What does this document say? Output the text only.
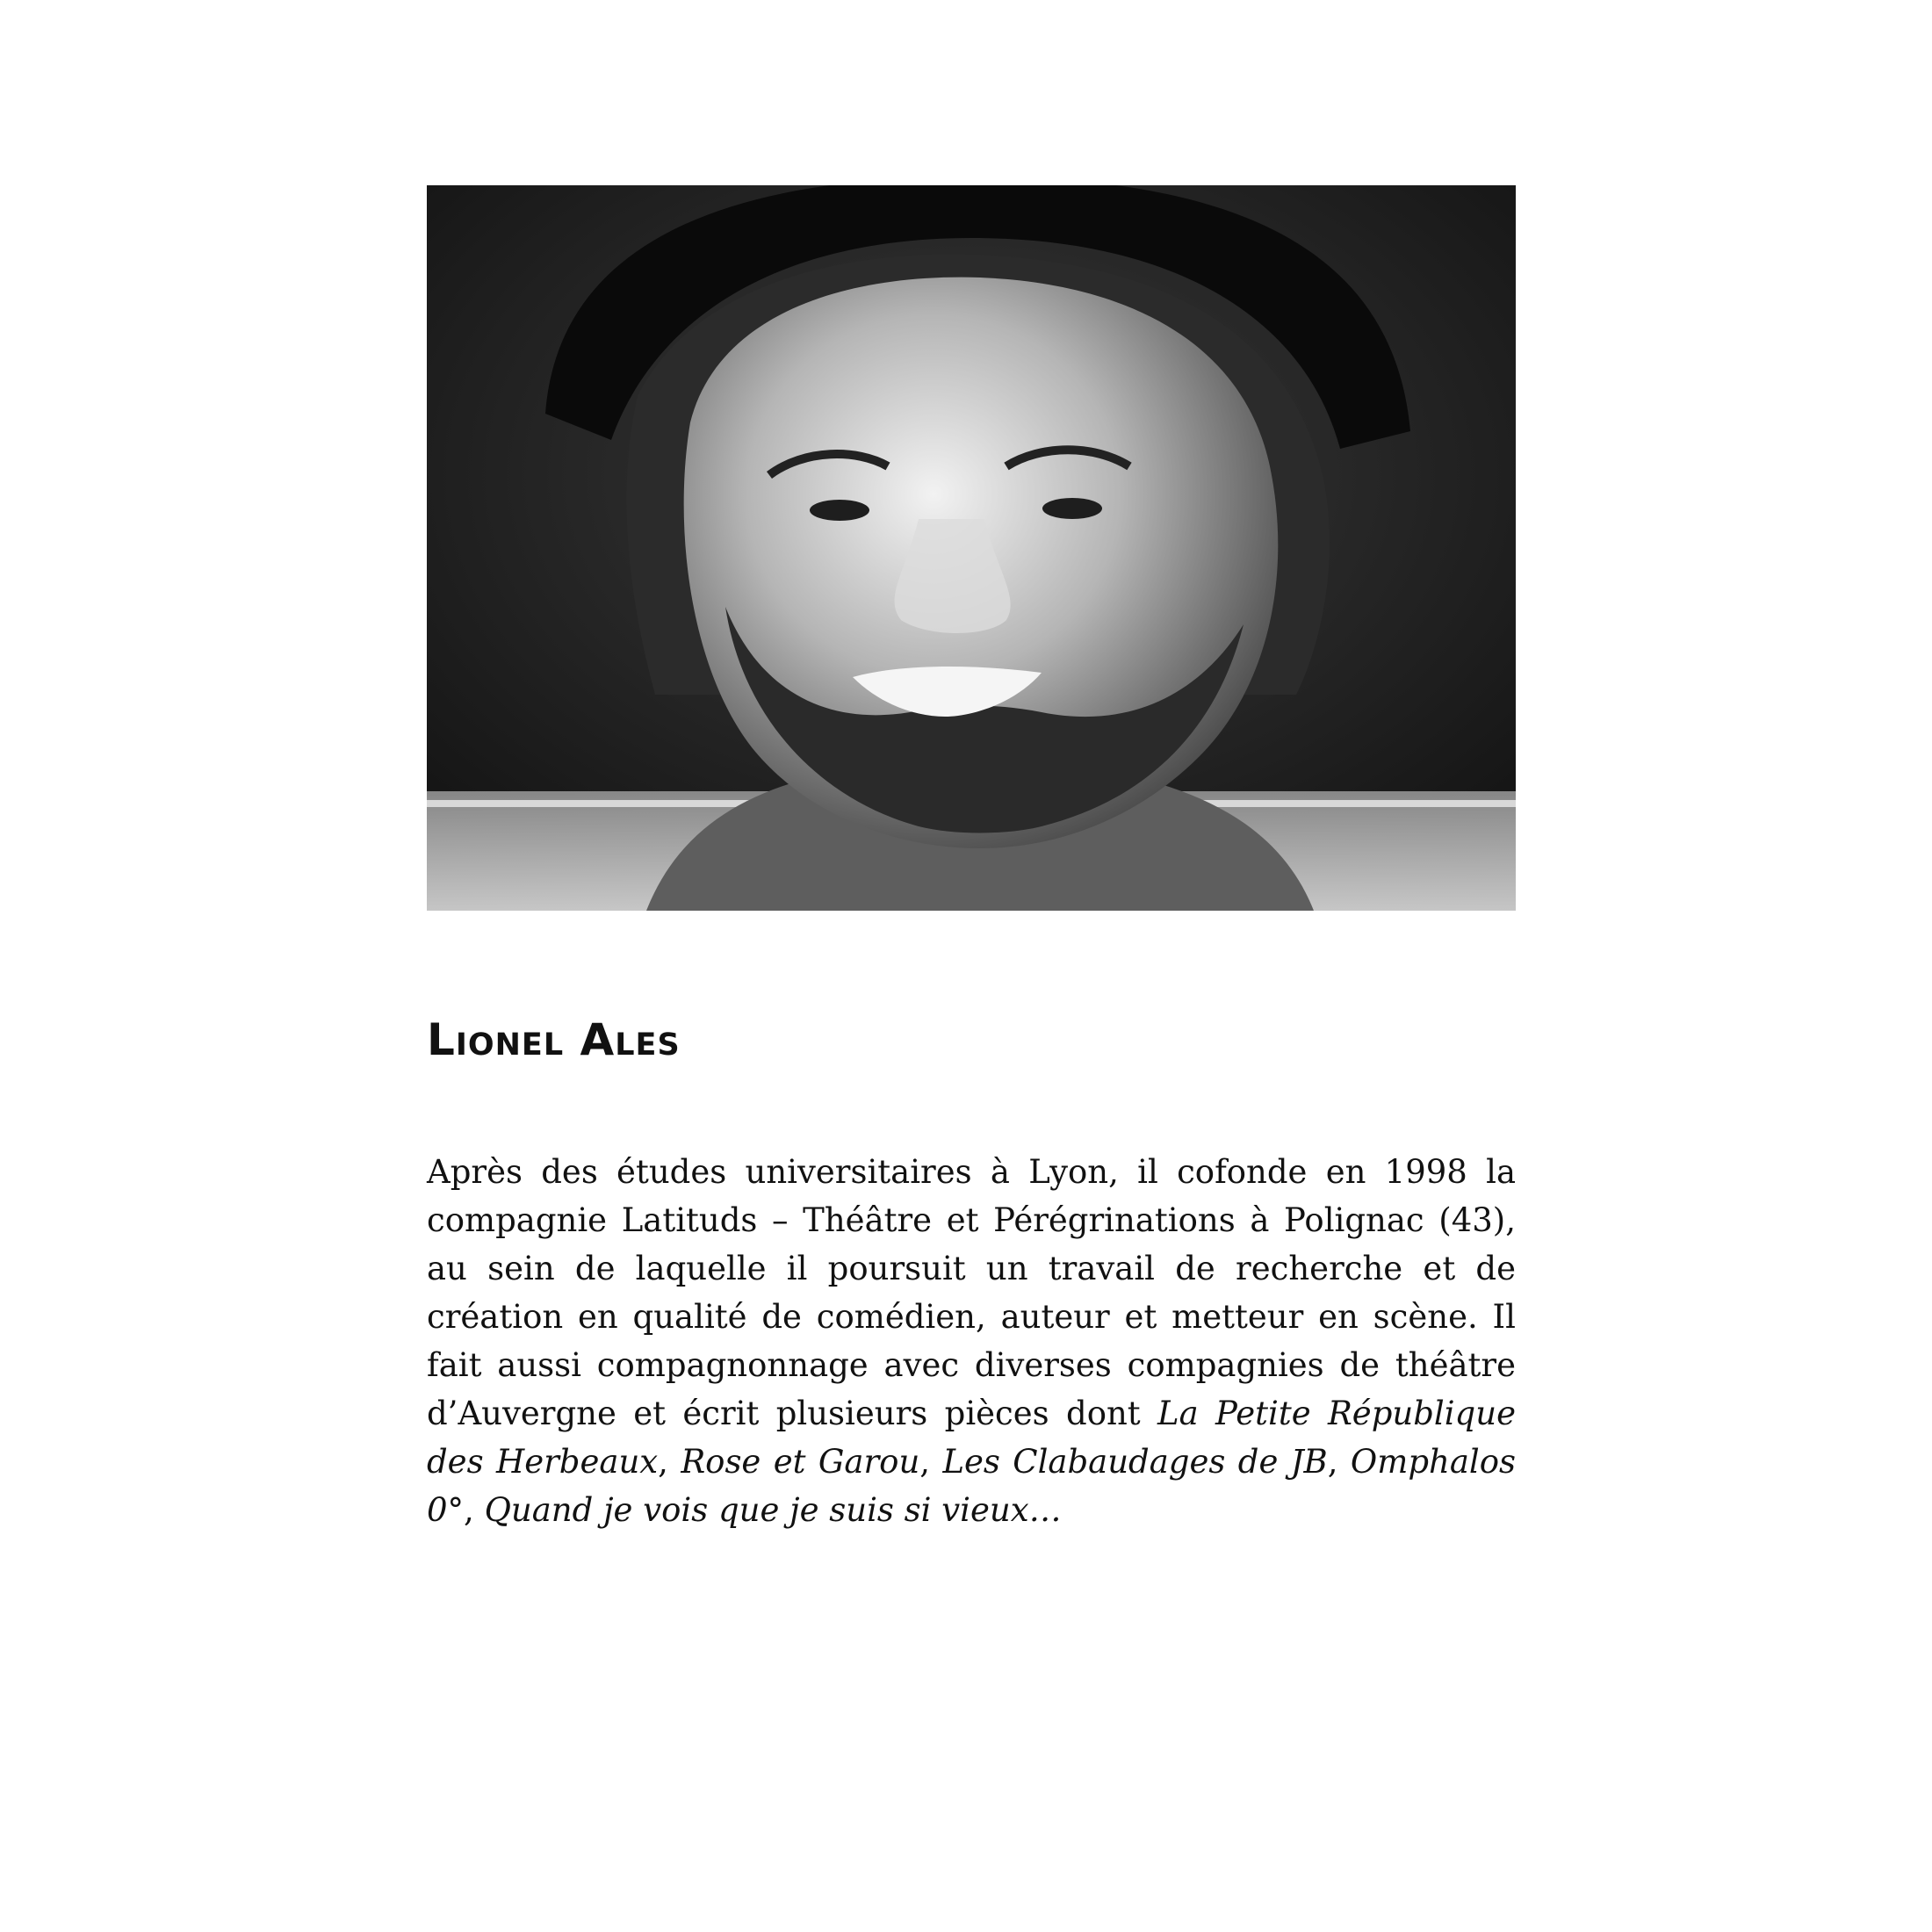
Lionel Ales

Après des études universitaires à Lyon, il cofonde en 1998 la compagnie Latituds – Théâtre et Pérégrinations à Polignac (43), au sein de laquelle il poursuit un travail de recherche et de création en qualité de comédien, auteur et metteur en scène. Il fait aussi compagnonnage avec diverses compagnies de théâtre d’Auvergne et écrit plusieurs pièces dont La Petite République des Herbeaux, Rose et Garou, Les Clabaudages de JB, Omphalos 0°, Quand je vois que je suis si vieux…
